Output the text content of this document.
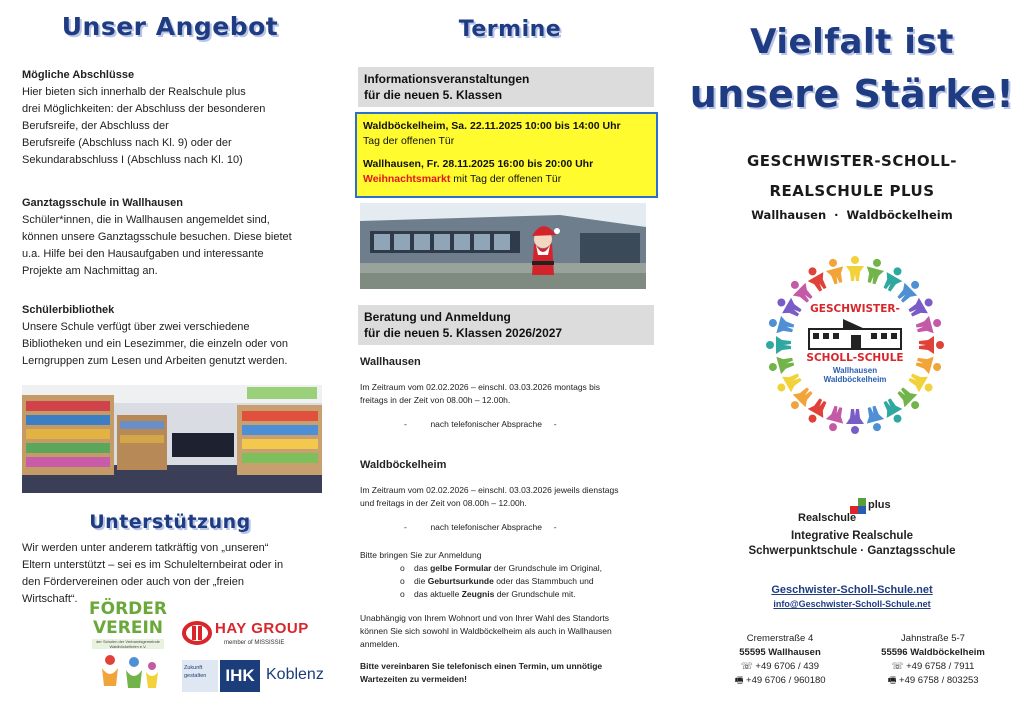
Unser Angebot
Mögliche Abschlüsse
Hier bieten sich innerhalb der Realschule plus
drei Möglichkeiten: der Abschluss der besonderen
Berufsreife, der Abschluss der
Berufsreife (Abschluss nach Kl. 9) oder der
Sekundarabschluss I (Abschluss nach Kl. 10)
Ganztagsschule in Wallhausen
Schüler*innen, die in Wallhausen angemeldet sind,
können unsere Ganztagsschule besuchen. Diese bietet
u.a. Hilfe bei den Hausaufgaben und interessante
Projekte am Nachmittag an.
Schülerbibliothek
Unsere Schule verfügt über zwei verschiedene
Bibliotheken und ein Lesezimmer, die einzeln oder von
Lerngruppen zum Lesen und Arbeiten genutzt werden.
Unterstützung
Wir werden unter anderem tatkräftig von „unseren“
Eltern unterstützt – sei es im Schulelternbeirat oder in
den Fördervereinen oder auch von der „freien
Wirtschaft“. FÖRDER
VEREIN
der Schulen der Verbandsgemeinde Waldböckelheim e.V.
HAY GROUP
member of MISSISSIE
Zukunft gestalten	IHK Koblenz
Termine
Informationsveranstaltungen
für die neuen 5. Klassen
Waldböckelheim, Sa. 22.11.2025 10:00 bis 14:00 Uhr
Tag der offenen Tür
Wallhausen, Fr. 28.11.2025 16:00 bis 20:00 Uhr
Weihnachtsmarkt mit Tag der offenen Tür
Beratung und Anmeldung
für die neuen 5. Klassen 2026/2027
Wallhausen
Im Zeitraum vom 02.02.2026 – einschl. 03.03.2026 montags bis
freitags in der Zeit von 08.00h – 12.00h.
-          nach telefonischer Absprache     -
Waldböckelheim
Im Zeitraum vom 02.02.2026 – einschl. 03.03.2026 jeweils dienstags
und freitags in der Zeit von 08.00h – 12.00h.
-          nach telefonischer Absprache     -
Bitte bringen Sie zur Anmeldung
o das gelbe Formular der Grundschule im Original,
o die Geburtsurkunde oder das Stammbuch und
o das aktuelle Zeugnis der Grundschule mit.
Unabhängig von Ihrem Wohnort und von Ihrer Wahl des Standorts
können Sie sich sowohl in Waldböckelheim als auch in Wallhausen
anmelden.
Bitte vereinbaren Sie telefonisch einen Termin, um unnötige
Wartezeiten zu vermeiden!
Vielfalt ist
unsere Stärke!
GESCHWISTER-SCHOLL-
REALSCHULE PLUS
Wallhausen  ·  Waldböckelheim
GESCHWISTER-
SCHOLL-SCHULE
Wallhausen
Waldböckelheim
plus
Realschule
Integrative Realschule
Schwerpunktschule · Ganztagsschule
Geschwister-Scholl-Schule.net
info@Geschwister-Scholl-Schule.net
Cremerstraße 4
55595 Wallhausen
☏ +49 6706 / 439
🖷 +49 6706 / 960180
Jahnstraße 5-7
55596 Waldböckelheim
☏ +49 6758 / 7911
🖷 +49 6758 / 803253
